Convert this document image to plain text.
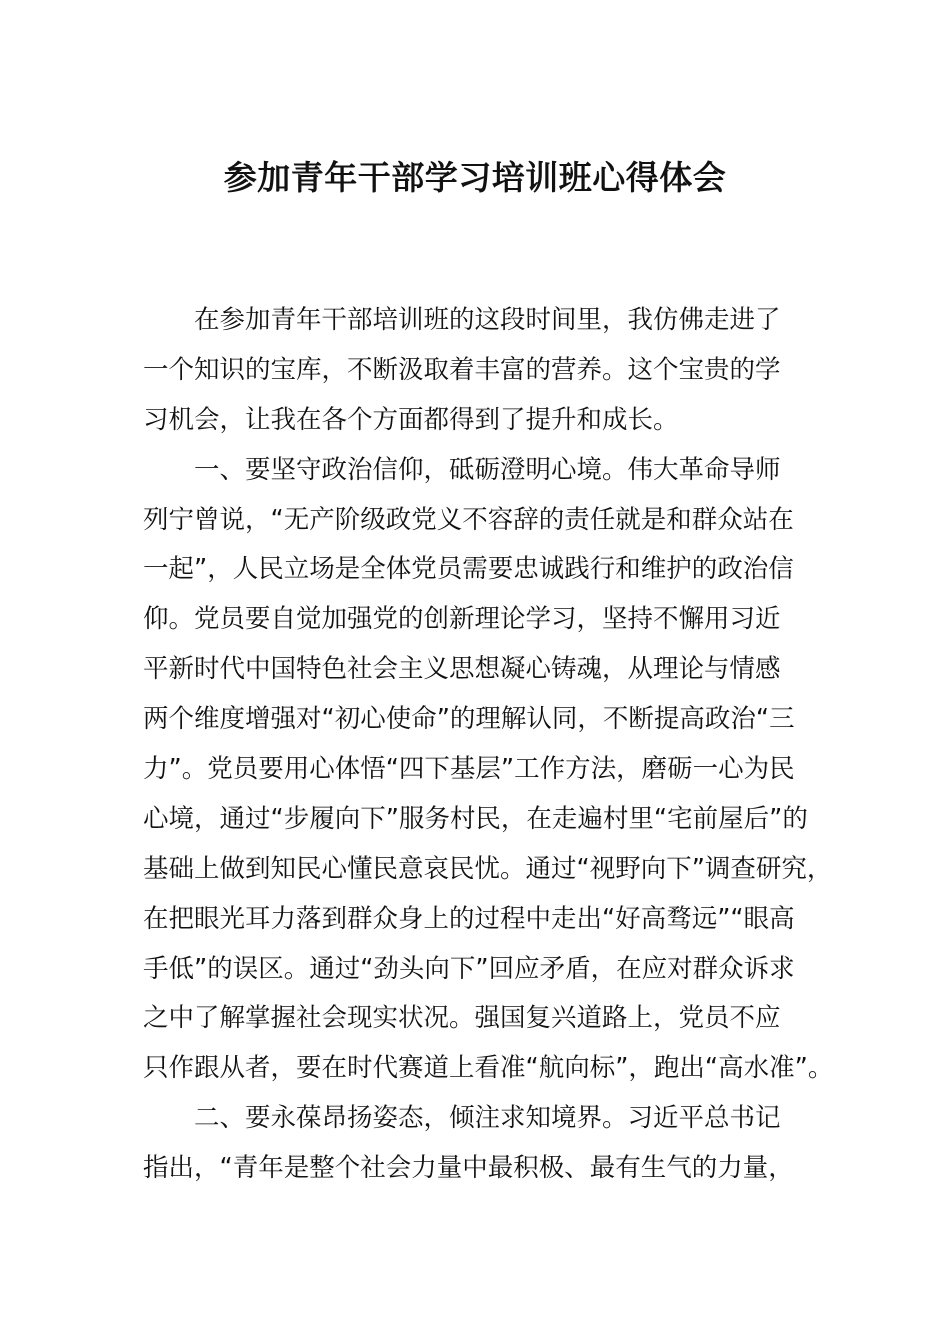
参加青年干部学习培训班心得体会
　　在参加青年干部培训班的这段时间里，我仿佛走进了
一个知识的宝库，不断汲取着丰富的营养。这个宝贵的学
习机会，让我在各个方面都得到了提升和成长。
　　一、要坚守政治信仰，砥砺澄明心境。伟大革命导师
列宁曾说，“无产阶级政党义不容辞的责任就是和群众站在
一起”，人民立场是全体党员需要忠诚践行和维护的政治信
仰。党员要自觉加强党的创新理论学习，坚持不懈用习近
平新时代中国特色社会主义思想凝心铸魂，从理论与情感
两个维度增强对“初心使命”的理解认同，不断提高政治“三
力”。党员要用心体悟“四下基层”工作方法，磨砺一心为民
心境，通过“步履向下”服务村民，在走遍村里“宅前屋后”的
基础上做到知民心懂民意哀民忧。通过“视野向下”调查研究，
在把眼光耳力落到群众身上的过程中走出“好高骛远”“眼高
手低”的误区。通过“劲头向下”回应矛盾，在应对群众诉求
之中了解掌握社会现实状况。强国复兴道路上，党员不应
只作跟从者，要在时代赛道上看准“航向标”，跑出“高水准”。
　　二、要永葆昂扬姿态，倾注求知境界。习近平总书记
指出，“青年是整个社会力量中最积极、最有生气的力量，
